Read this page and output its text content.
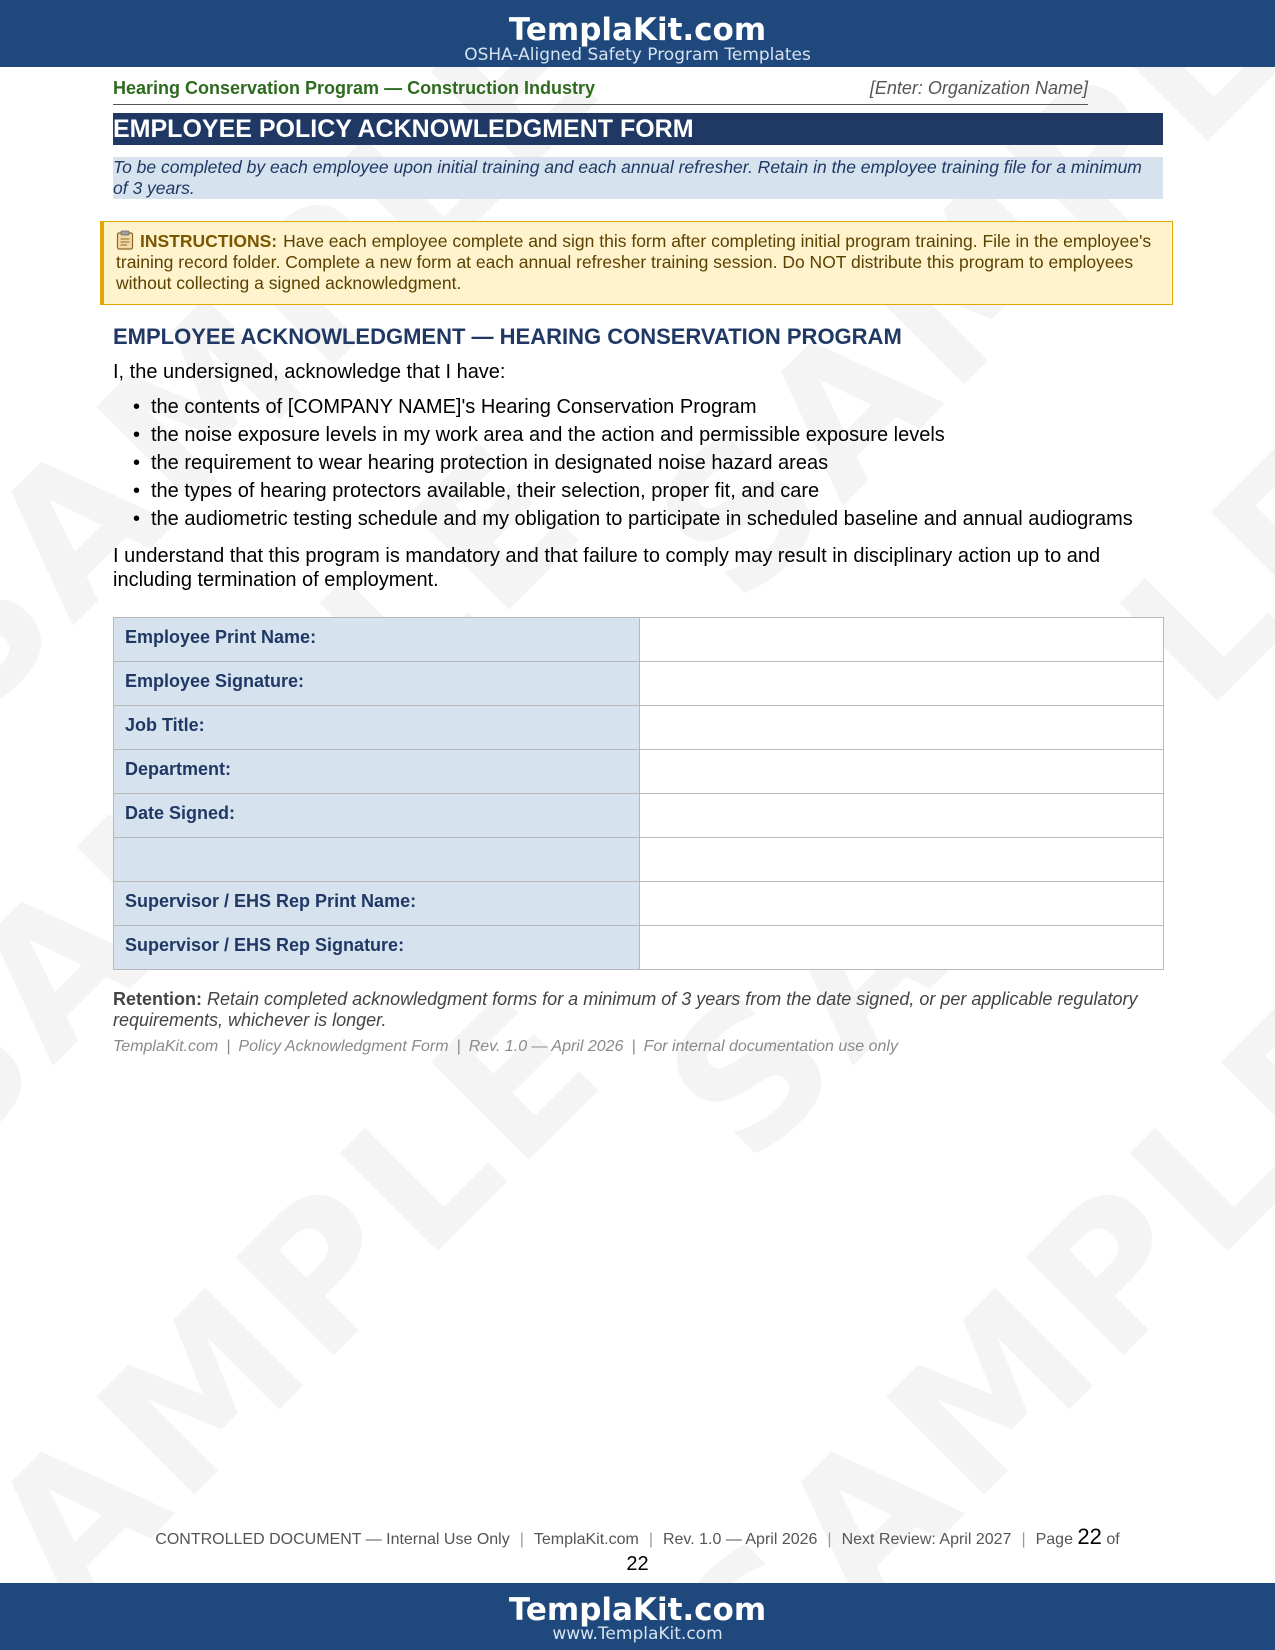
TemplaKit.com
OSHA-Aligned Safety Program Templates
Hearing Conservation Program — Construction Industry	[Enter: Organization Name]
EMPLOYEE POLICY ACKNOWLEDGMENT FORM
To be completed by each employee upon initial training and each annual refresher. Retain in the employee training file for a minimum of 3 years.
INSTRUCTIONS: Have each employee complete and sign this form after completing initial program training. File in the employee's training record folder. Complete a new form at each annual refresher training session. Do NOT distribute this program to employees without collecting a signed acknowledgment.
EMPLOYEE ACKNOWLEDGMENT — HEARING CONSERVATION PROGRAM
I, the undersigned, acknowledge that I have:
• the contents of [COMPANY NAME]'s Hearing Conservation Program
• the noise exposure levels in my work area and the action and permissible exposure levels
• the requirement to wear hearing protection in designated noise hazard areas
• the types of hearing protectors available, their selection, proper fit, and care
• the audiometric testing schedule and my obligation to participate in scheduled baseline and annual audiograms
I understand that this program is mandatory and that failure to comply may result in disciplinary action up to and including termination of employment.
Employee Print Name:	
Employee Signature:	
Job Title:	
Department:	
Date Signed:	

Supervisor / EHS Rep Print Name:	
Supervisor / EHS Rep Signature:	
Retention: Retain completed acknowledgment forms for a minimum of 3 years from the date signed, or per applicable regulatory requirements, whichever is longer.
TemplaKit.com | Policy Acknowledgment Form | Rev. 1.0 — April 2026 | For internal documentation use only
CONTROLLED DOCUMENT — Internal Use Only | TemplaKit.com | Rev. 1.0 — April 2026 | Next Review: April 2027 | Page 22 of
22
TemplaKit.com
www.TemplaKit.com
